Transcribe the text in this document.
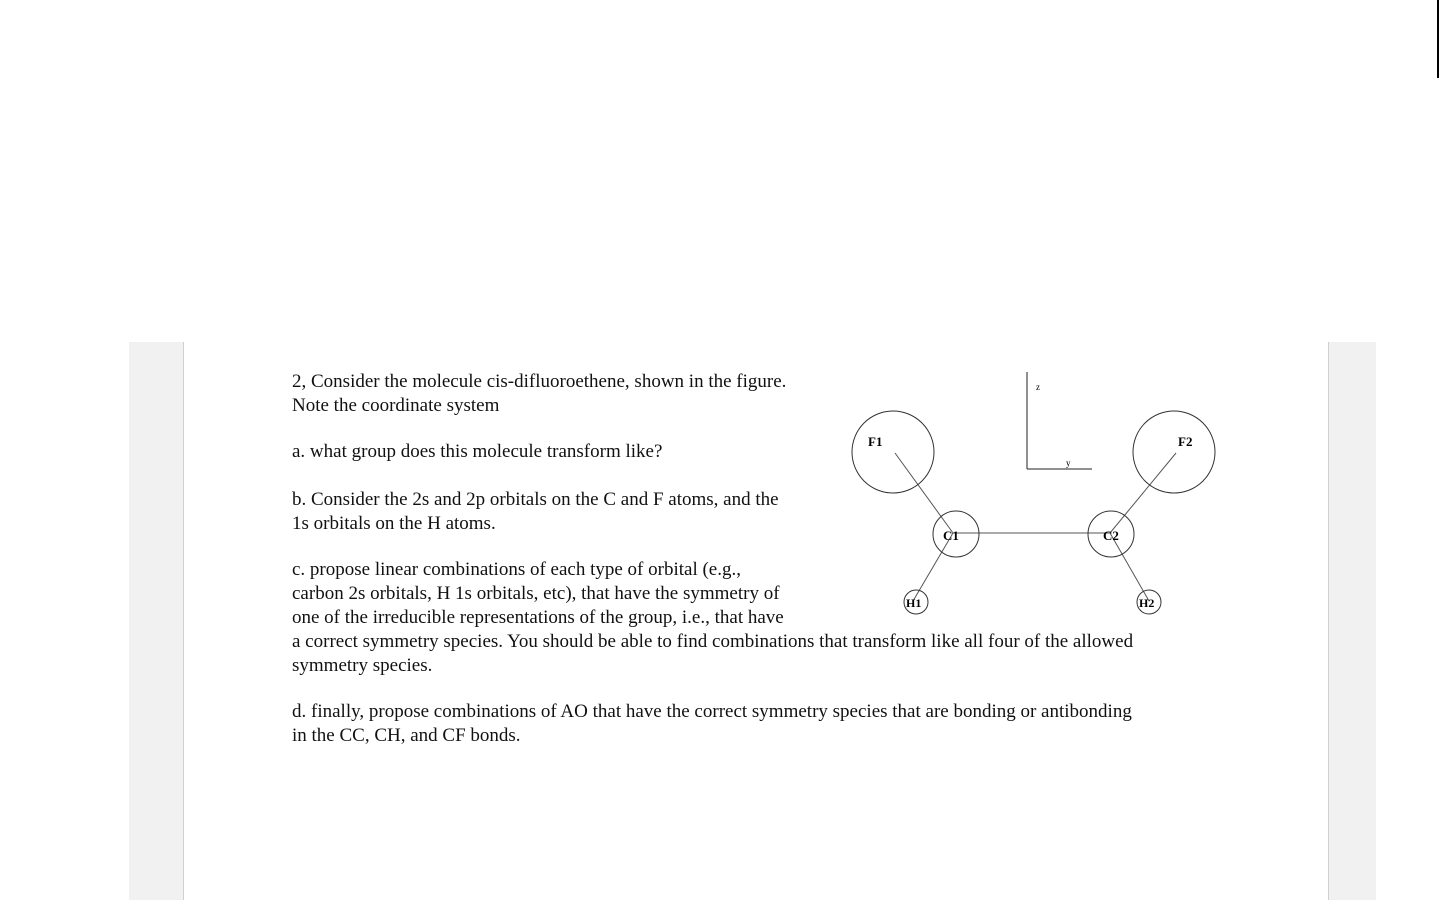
2, Consider the molecule cis-difluoroethene, shown in the figure.
Note the coordinate system

a. what group does this molecule transform like?

b. Consider the 2s and 2p orbitals on the C and F atoms, and the
1s orbitals on the H atoms.

c. propose linear combinations of each type of orbital (e.g.,
carbon 2s orbitals, H 1s orbitals, etc), that have the symmetry of
one of the irreducible representations of the group, i.e., that have
a correct symmetry species. You should be able to find combinations that transform like all four of the allowed
symmetry species.

d. finally, propose combinations of AO that have the correct symmetry species that are bonding or antibonding
in the CC, CH, and CF bonds.

z
y
F1	F2
C1	C2
H1	H2
